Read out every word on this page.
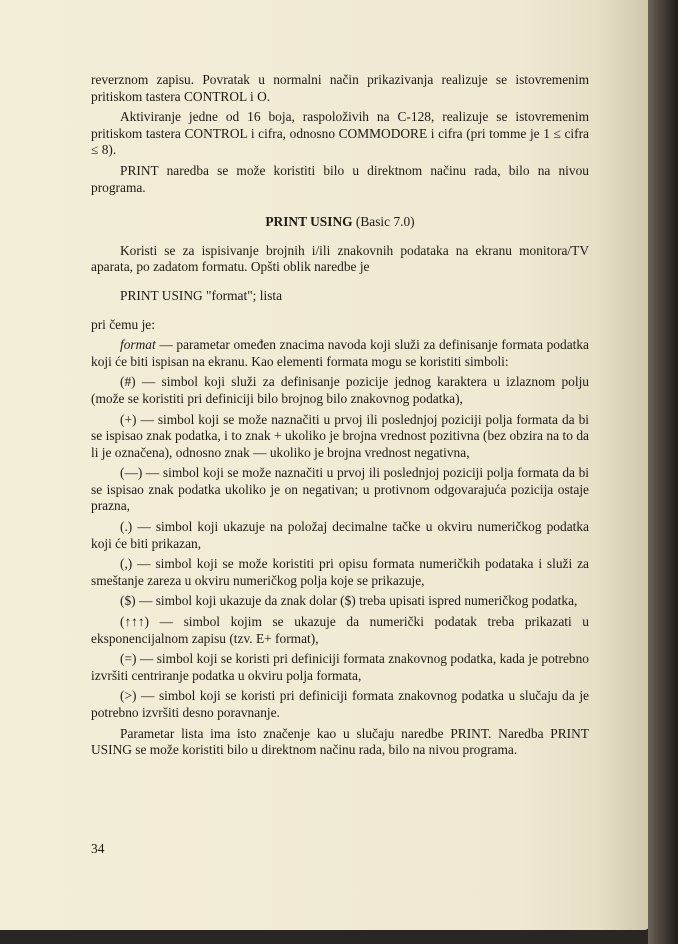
reverznom zapisu. Povratak u normalni način prikazivanja realizuje se istovremenim pritiskom tastera CONTROL i O.

Aktiviranje jedne od 16 boja, raspoloživih na C-128, realizuje se istovremenim pritiskom tastera CONTROL i cifra, odnosno COMMODORE i cifra (pri tomme je 1 ≤ cifra ≤ 8).

PRINT naredba se može koristiti bilo u direktnom načinu rada, bilo na nivou programa.

PRINT USING (Basic 7.0)

Koristi se za ispisivanje brojnih i/ili znakovnih podataka na ekranu monitora/TV aparata, po zadatom formatu. Opšti oblik naredbe je

PRINT USING "format"; lista

pri čemu je:

format — parametar omeđen znacima navoda koji služi za definisanje formata podatka koji će biti ispisan na ekranu. Kao elementi formata mogu se koristiti simboli:

(#) — simbol koji služi za definisanje pozicije jednog karaktera u izlaznom polju (može se koristiti pri definiciji bilo brojnog bilo znakovnog podatka),

(+) — simbol koji se može naznačiti u prvoj ili poslednjoj poziciji polja formata da bi se ispisao znak podatka, i to znak + ukoliko je brojna vrednost pozitivna (bez obzira na to da li je označena), odnosno znak — ukoliko je brojna vrednost negativna,

(—) — simbol koji se može naznačiti u prvoj ili poslednjoj poziciji polja formata da bi se ispisao znak podatka ukoliko je on negativan; u protivnom odgovarajuća pozicija ostaje prazna,

(.) — simbol koji ukazuje na položaj decimalne tačke u okviru numeričkog podatka koji će biti prikazan,

(,) — simbol koji se može koristiti pri opisu formata numeričkih podataka i služi za smeštanje zareza u okviru numeričkog polja koje se prikazuje,

($) — simbol koji ukazuje da znak dolar ($) treba upisati ispred numeričkog podatka,

(↑↑↑) — simbol kojim se ukazuje da numerički podatak treba prikazati u eksponencijalnom zapisu (tzv. E+ format),

(=) — simbol koji se koristi pri definiciji formata znakovnog podatka, kada je potrebno izvršiti centriranje podatka u okviru polja formata,

(>) — simbol koji se koristi pri definiciji formata znakovnog podatka u slučaju da je potrebno izvršiti desno poravnanje.

Parametar lista ima isto značenje kao u slučaju naredbe PRINT. Naredba PRINT USING se može koristiti bilo u direktnom načinu rada, bilo na nivou programa.

34
